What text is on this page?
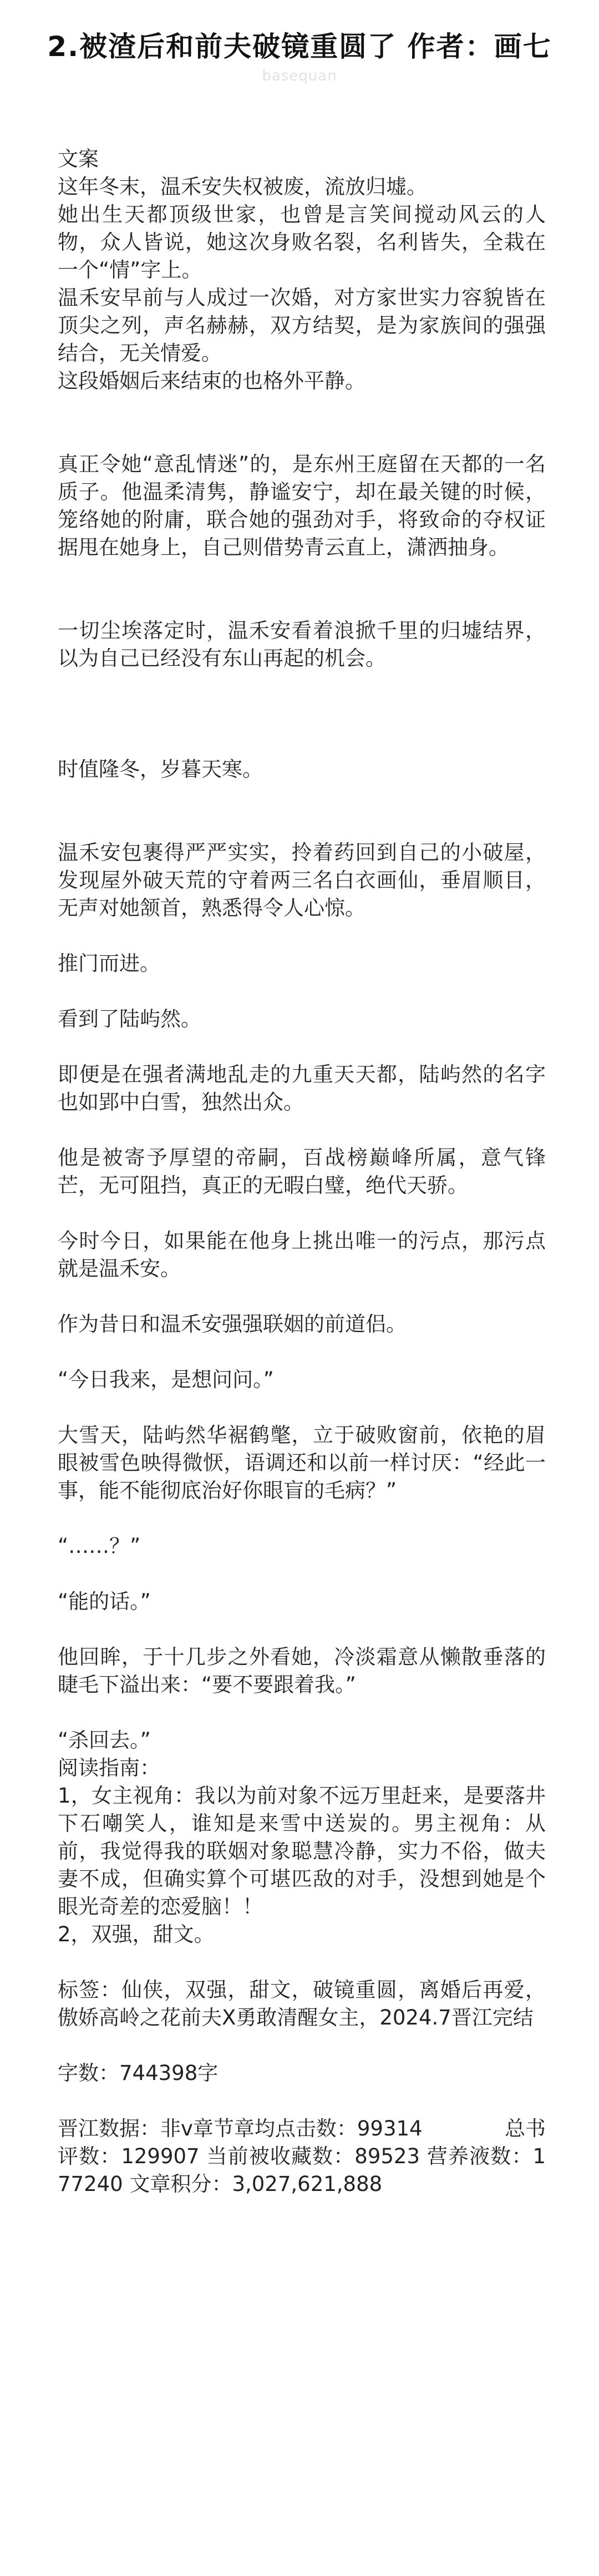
2.被渣后和前夫破镜重圆了 作者：画七
basequan

文案

这年冬末，温禾安失权被废，流放归墟。

她出生天都顶级世家，也曾是言笑间搅动风云的人物，众人皆说，她这次身败名裂，名利皆失，全栽在一个“情”字上。

温禾安早前与人成过一次婚，对方家世实力容貌皆在顶尖之列，声名赫赫，双方结契，是为家族间的强强结合，无关情爱。

这段婚姻后来结束的也格外平静。

真正令她“意乱情迷”的，是东州王庭留在天都的一名质子。他温柔清隽，静谧安宁，却在最关键的时候，笼络她的附庸，联合她的强劲对手，将致命的夺权证据甩在她身上，自己则借势青云直上，潇洒抽身。

一切尘埃落定时，温禾安看着浪掀千里的归墟结界，以为自己已经没有东山再起的机会。

时值隆冬，岁暮天寒。

温禾安包裹得严严实实，拎着药回到自己的小破屋，发现屋外破天荒的守着两三名白衣画仙，垂眉顺目，无声对她颔首，熟悉得令人心惊。

推门而进。

看到了陆屿然。

即便是在强者满地乱走的九重天天都，陆屿然的名字也如郢中白雪，独然出众。

他是被寄予厚望的帝嗣，百战榜巅峰所属，意气锋芒，无可阻挡，真正的无暇白璧，绝代天骄。

今时今日，如果能在他身上挑出唯一的污点，那污点就是温禾安。

作为昔日和温禾安强强联姻的前道侣。

“今日我来，是想问问。”

大雪天，陆屿然华裾鹤氅，立于破败窗前，依艳的眉眼被雪色映得微恹，语调还和以前一样讨厌：“经此一事，能不能彻底治好你眼盲的毛病？”

“……？”

“能的话。”

他回眸，于十几步之外看她，冷淡霜意从懒散垂落的睫毛下溢出来：“要不要跟着我。”

“杀回去。”

阅读指南：

1，女主视角：我以为前对象不远万里赶来，是要落井下石嘲笑人，谁知是来雪中送炭的。男主视角：从前，我觉得我的联姻对象聪慧冷静，实力不俗，做夫妻不成，但确实算个可堪匹敌的对手，没想到她是个眼光奇差的恋爱脑！！

2，双强，甜文。

标签：仙侠，双强，甜文，破镜重圆，离婚后再爱，傲娇高岭之花前夫X勇敢清醒女主，2024.7晋江完结

字数：744398字

晋江数据：非v章节章均点击数：99314	总书

评数：129907 当前被收藏数：89523 营养液数：177240 文章积分：3,027,621,888
